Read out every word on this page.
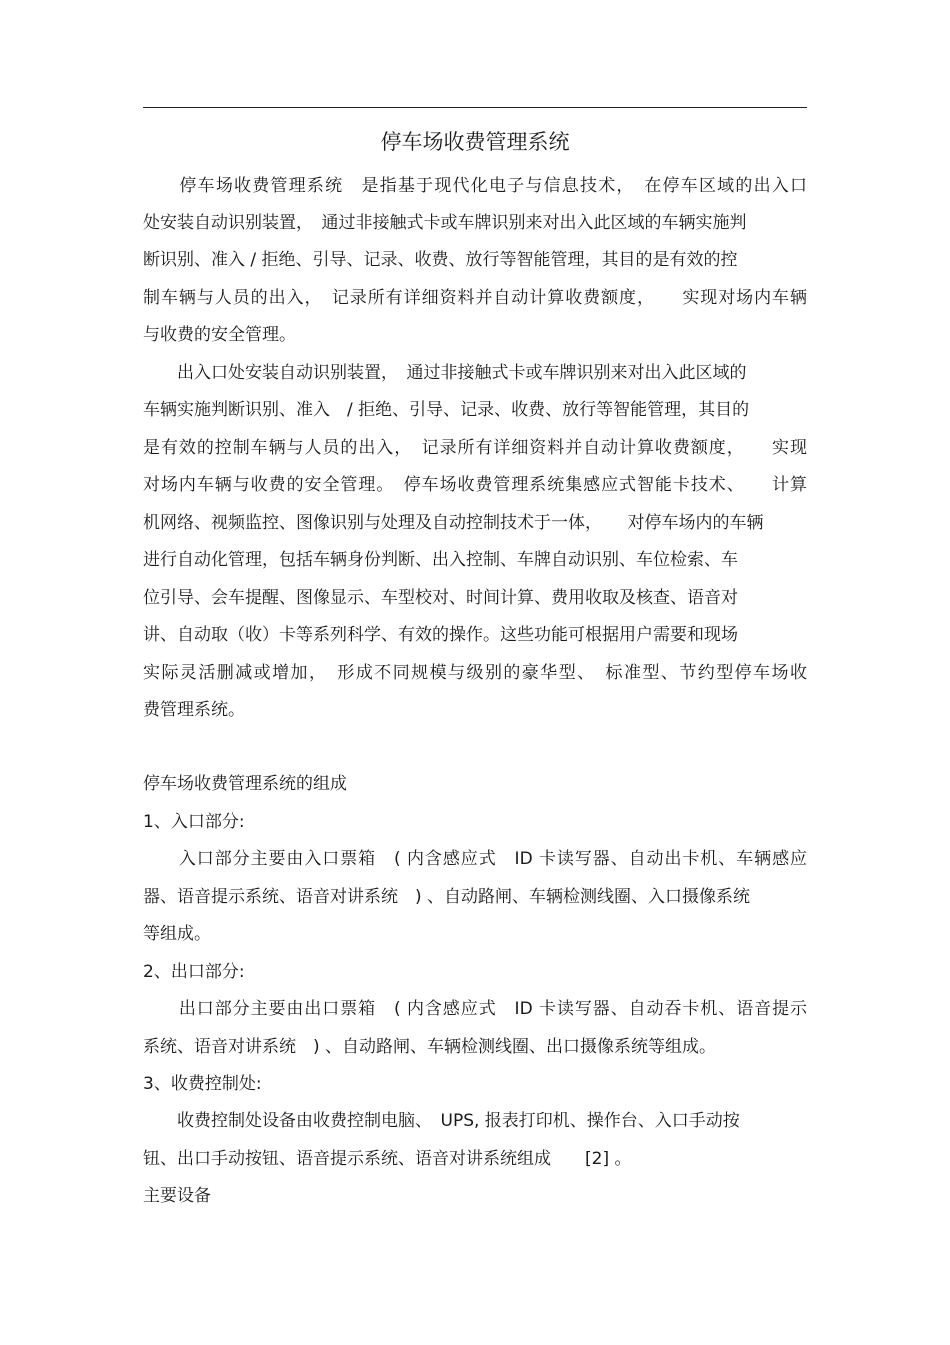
停车场收费管理系统

　　停车场收费管理系统　是指基于现代化电子与信息技术，　在停车区域的出入口

处安装自动识别装置，　通过非接触式卡或车牌识别来对出入此区域的车辆实施判

断识别、准入 / 拒绝、引导、记录、收费、放行等智能管理，其目的是有效的控

制车辆与人员的出入，　记录所有详细资料并自动计算收费额度，　　实现对场内车辆

与收费的安全管理。

　　出入口处安装自动识别装置，　通过非接触式卡或车牌识别来对出入此区域的

车辆实施判断识别、准入　/ 拒绝、引导、记录、收费、放行等智能管理，其目的

是有效的控制车辆与人员的出入，　记录所有详细资料并自动计算收费额度，　　实现

对场内车辆与收费的安全管理。　停车场收费管理系统集感应式智能卡技术、　　计算

机网络、视频监控、图像识别与处理及自动控制技术于一体，　　对停车场内的车辆

进行自动化管理，包括车辆身份判断、出入控制、车牌自动识别、车位检索、车

位引导、会车提醒、图像显示、车型校对、时间计算、费用收取及核查、语音对

讲、自动取（收）卡等系列科学、有效的操作。这些功能可根据用户需要和现场

实际灵活删减或增加，　形成不同规模与级别的豪华型、　标准型、节约型停车场收

费管理系统。

停车场收费管理系统的组成

1、入口部分:

　　入口部分主要由入口票箱　( 内含感应式　ID 卡读写器、自动出卡机、车辆感应

器、语音提示系统、语音对讲系统　) 、自动路闸、车辆检测线圈、入口摄像系统

等组成。

2、出口部分:

　　出口部分主要由出口票箱　( 内含感应式　ID 卡读写器、自动吞卡机、语音提示

系统、语音对讲系统　) 、自动路闸、车辆检测线圈、出口摄像系统等组成。

3、收费控制处:

　　收费控制处设备由收费控制电脑、　UPS, 报表打印机、操作台、入口手动按

钮、出口手动按钮、语音提示系统、语音对讲系统组成　　[2] 。

主要设备
